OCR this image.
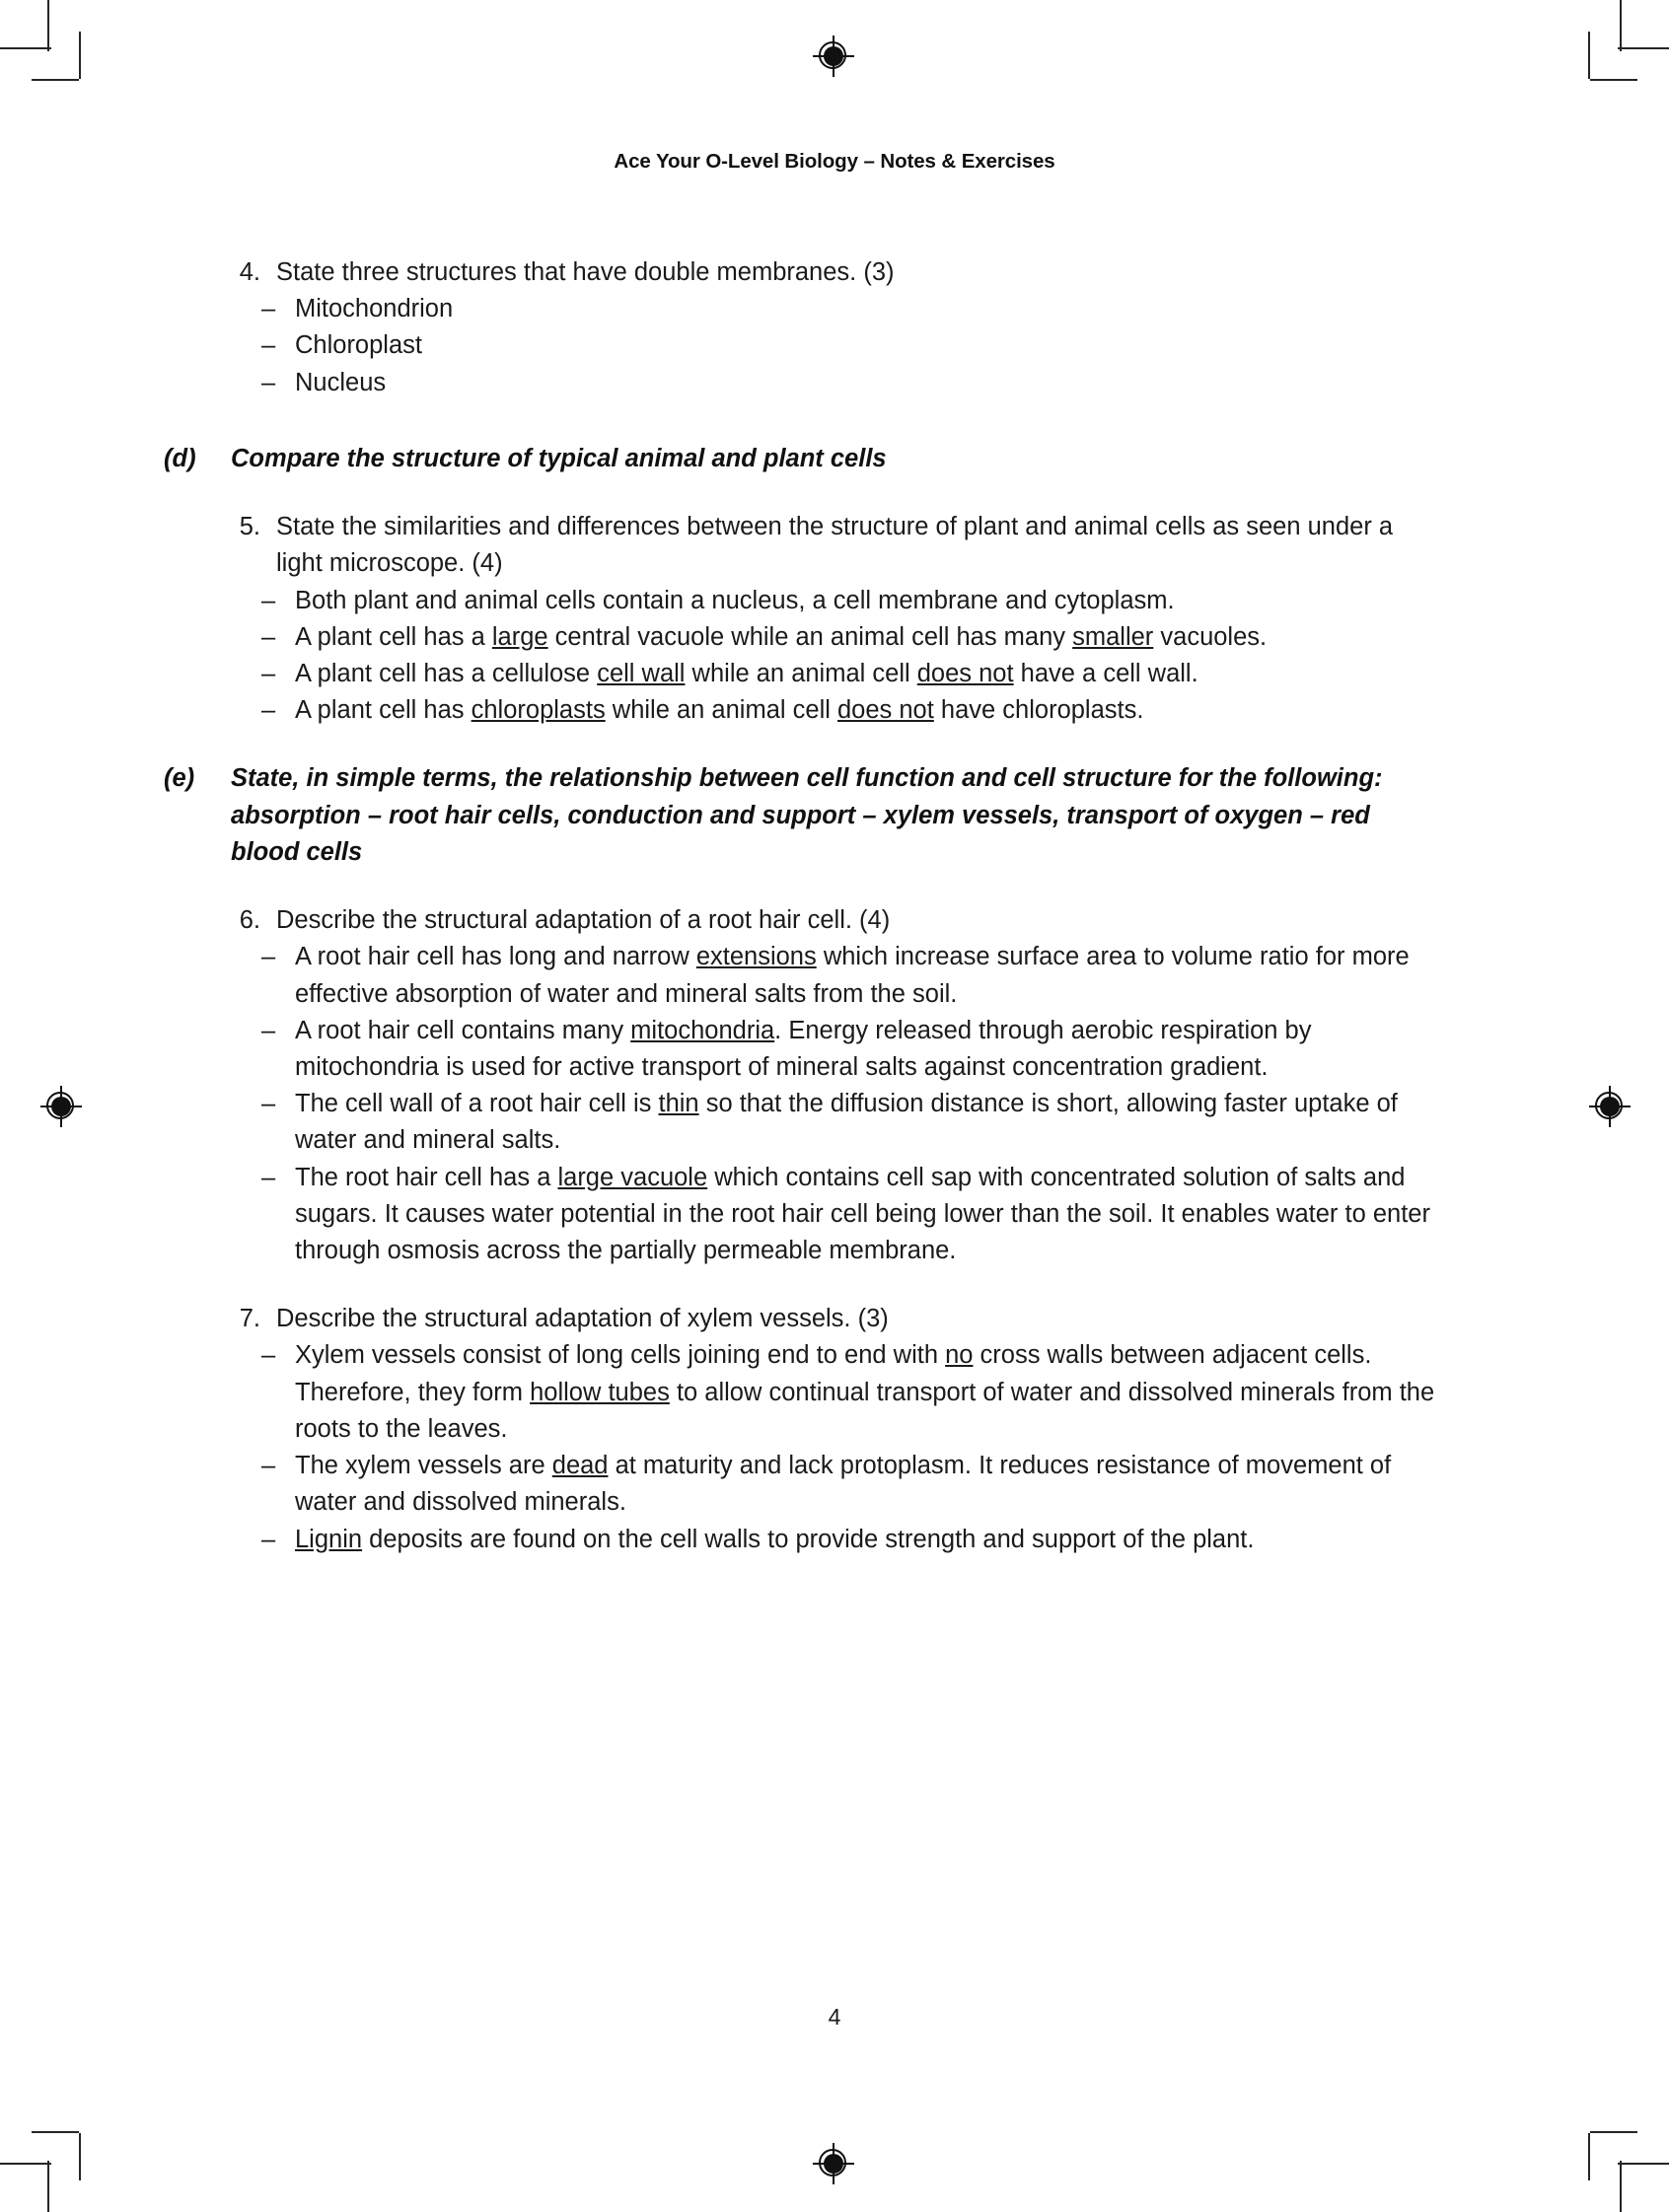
Ace Your O-Level Biology – Notes & Exercises
4. State three structures that have double membranes. (3)
– Mitochondrion
– Chloroplast
– Nucleus
(d)	Compare the structure of typical animal and plant cells
5. State the similarities and differences between the structure of plant and animal cells as seen under a light microscope. (4)
– Both plant and animal cells contain a nucleus, a cell membrane and cytoplasm.
– A plant cell has a large central vacuole while an animal cell has many smaller vacuoles.
– A plant cell has a cellulose cell wall while an animal cell does not have a cell wall.
– A plant cell has chloroplasts while an animal cell does not have chloroplasts.
(e)	State, in simple terms, the relationship between cell function and cell structure for the following: absorption – root hair cells, conduction and support – xylem vessels, transport of oxygen – red blood cells
6. Describe the structural adaptation of a root hair cell. (4)
– A root hair cell has long and narrow extensions which increase surface area to volume ratio for more effective absorption of water and mineral salts from the soil.
– A root hair cell contains many mitochondria. Energy released through aerobic respiration by mitochondria is used for active transport of mineral salts against concentration gradient.
– The cell wall of a root hair cell is thin so that the diffusion distance is short, allowing faster uptake of water and mineral salts.
– The root hair cell has a large vacuole which contains cell sap with concentrated solution of salts and sugars. It causes water potential in the root hair cell being lower than the soil. It enables water to enter through osmosis across the partially permeable membrane.
7. Describe the structural adaptation of xylem vessels. (3)
– Xylem vessels consist of long cells joining end to end with no cross walls between adjacent cells. Therefore, they form hollow tubes to allow continual transport of water and dissolved minerals from the roots to the leaves.
– The xylem vessels are dead at maturity and lack protoplasm. It reduces resistance of movement of water and dissolved minerals.
– Lignin deposits are found on the cell walls to provide strength and support of the plant.
4
